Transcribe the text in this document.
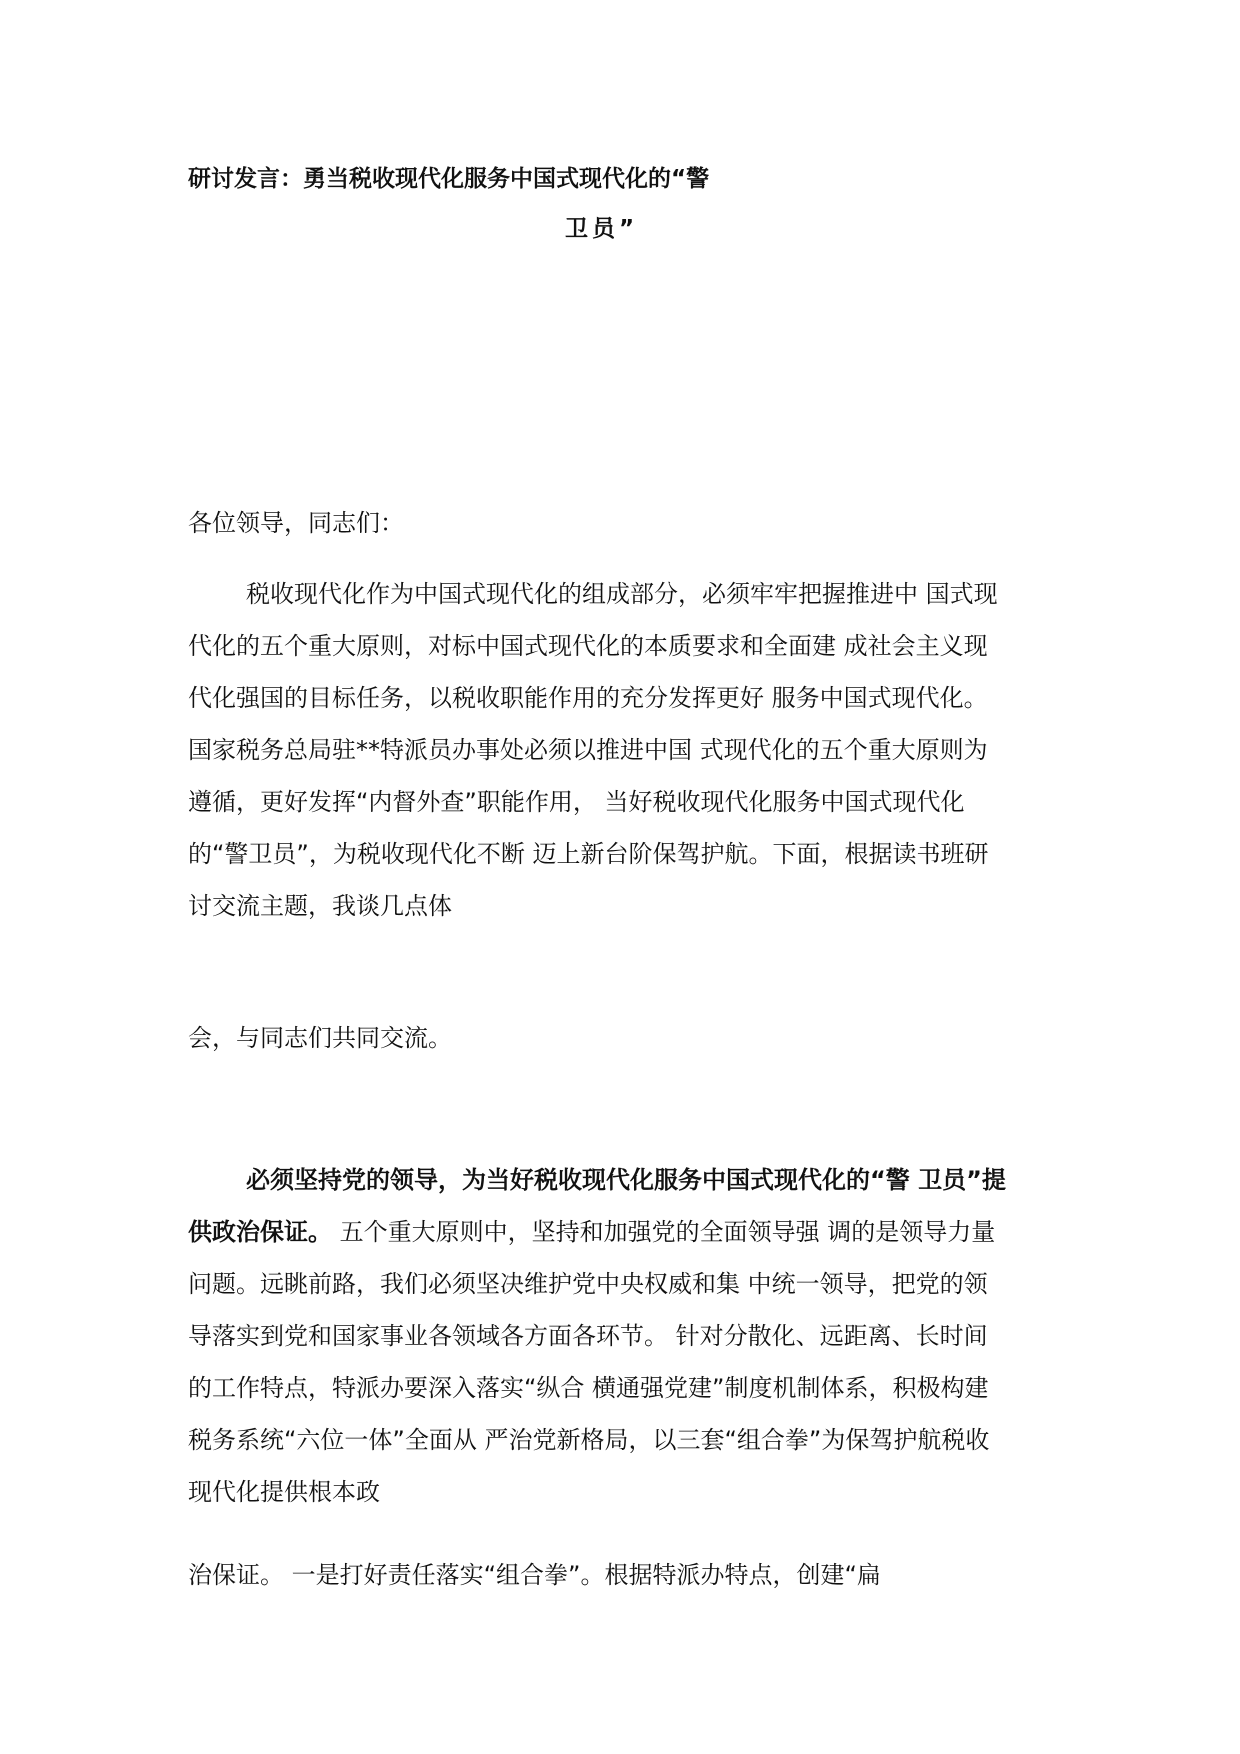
研讨发言：勇当税收现代化服务中国式现代化的“警
卫员”
各位领导，同志们：
税收现代化作为中国式现代化的组成部分，必须牢牢把握推进中 国式现
代化的五个重大原则，对标中国式现代化的本质要求和全面建 成社会主义现
代化强国的目标任务，以税收职能作用的充分发挥更好 服务中国式现代化。
国家税务总局驻**特派员办事处必须以推进中国 式现代化的五个重大原则为
遵循，更好发挥“内督外查”职能作用， 当好税收现代化服务中国式现代化
的“警卫员”，为税收现代化不断 迈上新台阶保驾护航。下面，根据读书班研
讨交流主题，我谈几点体
会，与同志们共同交流。
必须坚持党的领导，为当好税收现代化服务中国式现代化的“警 卫员”提
供政治保证。 五个重大原则中，坚持和加强党的全面领导强 调的是领导力量
问题。远眺前路，我们必须坚决维护党中央权威和集 中统一领导，把党的领
导落实到党和国家事业各领域各方面各环节。 针对分散化、远距离、长时间
的工作特点，特派办要深入落实“纵合 横通强党建”制度机制体系，积极构建
税务系统“六位一体”全面从 严治党新格局，以三套“组合拳”为保驾护航税收
现代化提供根本政
治保证。 一是打好责任落实“组合拳”。根据特派办特点，创建“扁
